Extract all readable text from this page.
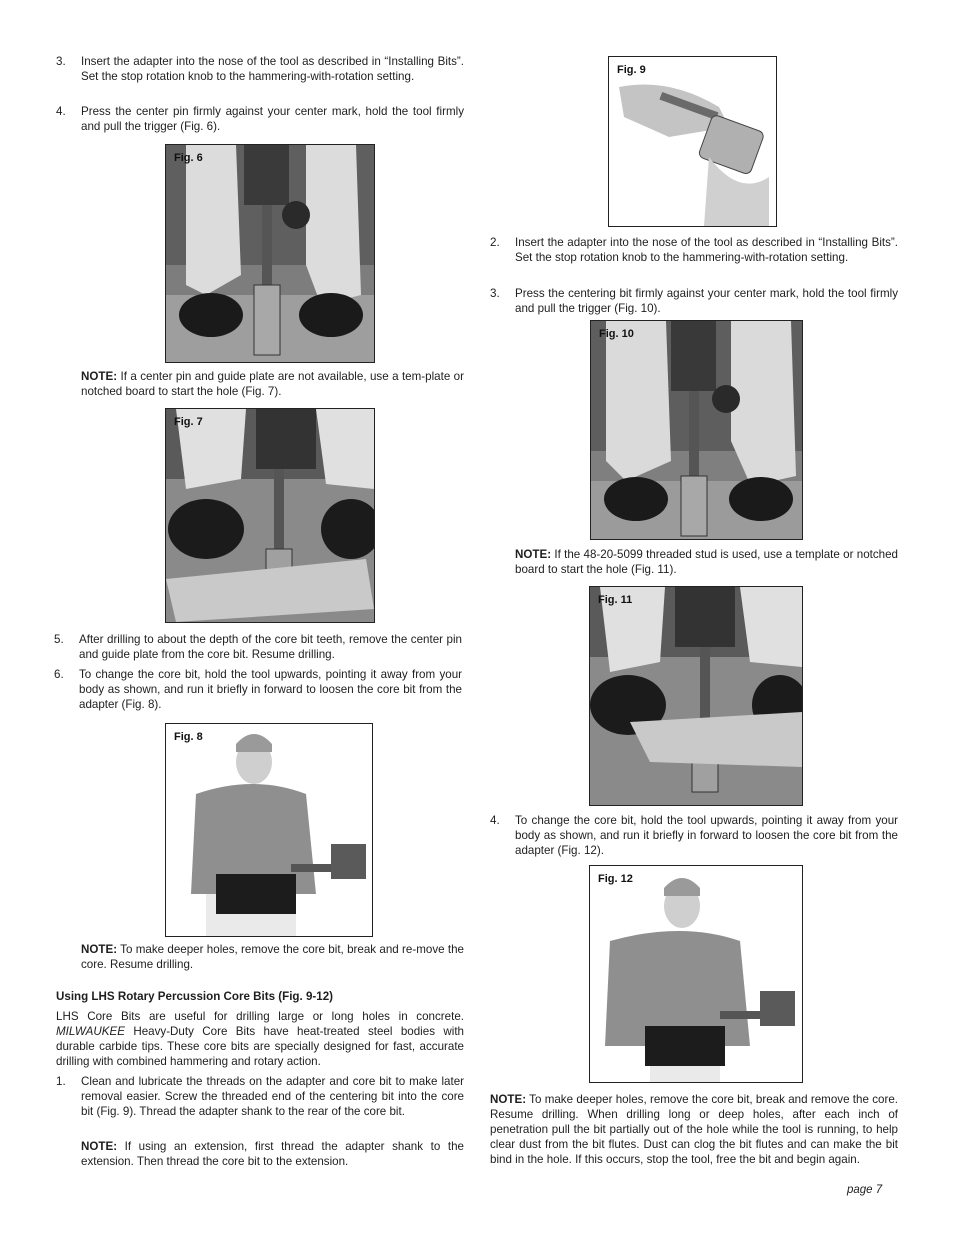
3. Insert the adapter into the nose of the tool as described in “Installing Bits”. Set the stop rotation knob to the hammering-with-rotation setting.
4. Press the center pin firmly against your center mark, hold the tool firmly and pull the trigger (Fig. 6).
Fig. 6
NOTE: If a center pin and guide plate are not available, use a tem-plate or notched board to start the hole (Fig. 7).
Fig. 7
5. After drilling to about the depth of the core bit teeth, remove the center pin and guide plate from the core bit. Resume drilling.
6. To change the core bit, hold the tool upwards, pointing it away from your body as shown, and run it briefly in forward to loosen the core bit from the adapter (Fig. 8).
Fig. 8
NOTE: To make deeper holes, remove the core bit, break and re-move the core. Resume drilling.
Using LHS Rotary Percussion Core Bits (Fig. 9-12)
LHS Core Bits are useful for drilling large or long holes in concrete. MILWAUKEE Heavy-Duty Core Bits have heat-treated steel bodies with durable carbide tips. These core bits are specially designed for fast, accurate drilling with combined hammering and rotary action.
1. Clean and lubricate the threads on the adapter and core bit to make later removal easier. Screw the threaded end of the centering bit into the core bit (Fig. 9). Thread the adapter shank to the rear of the core bit.
NOTE: If using an extension, first thread the adapter shank to the extension. Then thread the core bit to the extension.
Fig. 9
2. Insert the adapter into the nose of the tool as described in “Installing Bits”. Set the stop rotation knob to the hammering-with-rotation setting.
3. Press the centering bit firmly against your center mark, hold the tool firmly and pull the trigger (Fig. 10).
Fig. 10
NOTE: If the 48-20-5099 threaded stud is used, use a template or notched board to start the hole (Fig. 11).
Fig. 11
4. To change the core bit, hold the tool upwards, pointing it away from your body as shown, and run it briefly in forward to loosen the core bit from the adapter (Fig. 12).
Fig. 12
NOTE: To make deeper holes, remove the core bit, break and remove the core. Resume drilling. When drilling long or deep holes, after each inch of penetration pull the bit partially out of the hole while the tool is running, to help clear dust from the bit flutes. Dust can clog the bit flutes and can make the bit bind in the hole. If this occurs, stop the tool, free the bit and begin again.
page 7
